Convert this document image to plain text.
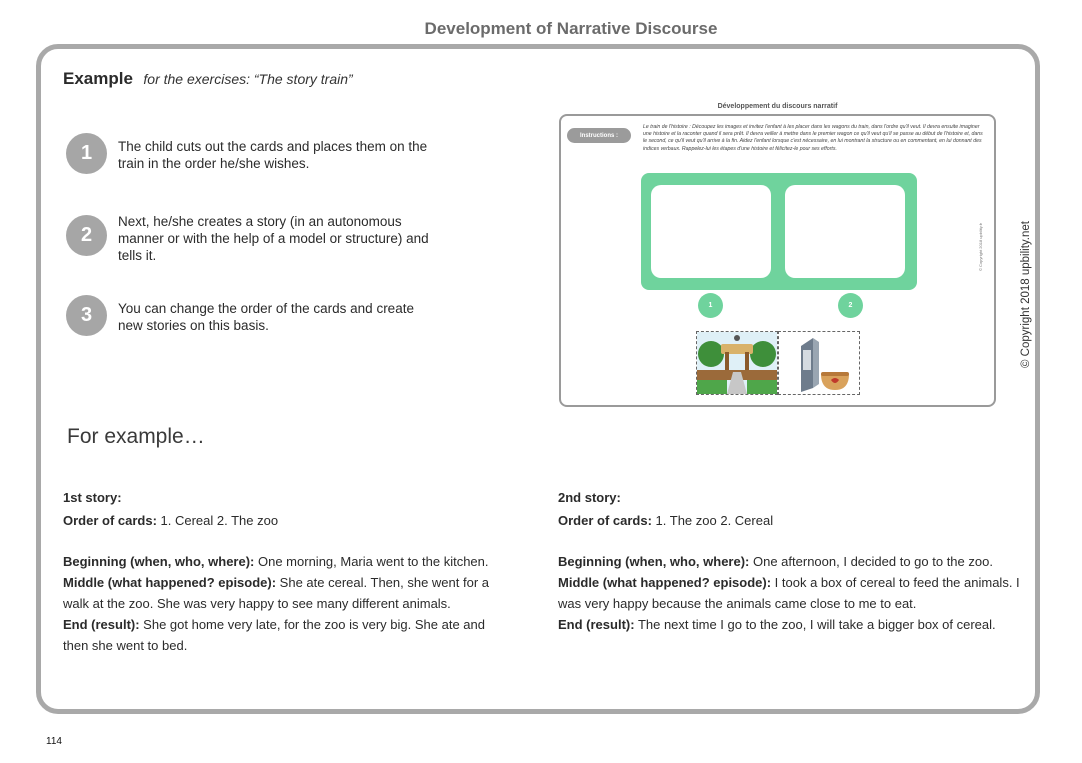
Development of Narrative Discourse
Example for the exercises: “The story train”
1	The child cuts out the cards and places them on the train in the order he/she wishes.
2
Next, he/she creates a story (in an autonomous manner or with the help of a model or structure) and tells it.
3	You can change the order of the cards and create new stories on this basis.
Développement du discours narratif
Instructions :
Le train de l'histoire : Découpez les images et invitez l'enfant à les placer dans les wagons du train, dans l'ordre qu'il veut. Il devra ensuite imaginer une histoire et la raconter quand il sera prêt. Il devra veiller à mettre dans le premier wagon ce qu'il veut qu'il se passe au début de l'histoire et, dans le second, ce qu'il veut qu'il arrive à la fin. Aidez l'enfant lorsque c'est nécessaire, en lui montrant la structure ou en commentant, en lui donnant des indices verbaux. Rappelez-lui les étapes d'une histoire et félicitez-le pour ses efforts.
1	2
© Copyright 2018 upbility.fr	© Copyright 2018 upbility.net
For example…
1st story:
Order of cards: 1. Cereal 2. The zoo
Beginning (when, who, where): One morning, Maria went to the kitchen.
Middle (what happened? episode): She ate cereal. Then, she went for a walk at the zoo. She was very happy to see many different animals.
End (result): She got home very late, for the zoo is very big. She ate and then she went to bed.
2nd story:
Order of cards: 1. The zoo 2. Cereal
Beginning (when, who, where): One afternoon, I decided to go to the zoo.
Middle (what happened? episode): I took a box of cereal to feed the animals. I was very happy because the animals came close to me to eat.
End (result): The next time I go to the zoo, I will take a bigger box of cereal.
114
